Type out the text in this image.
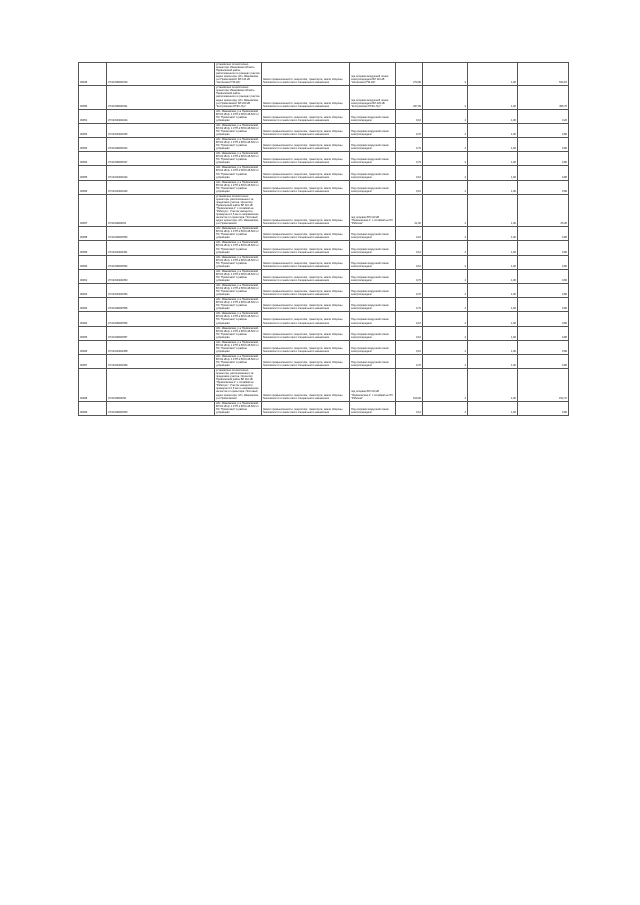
00045	37:10:000000:540	установлено относительно ориентира: Ивановская область Приволжский район, расположенного в границах участка адрес ориентира: обл. Ивановская, р-н Приволжский, ВЛ 110 кВ "Ногинская-ГПЗ-2ф"	Земли промышленности, энергетики, транспорта, земли обороны, безопасности и земли иного специального назначения	под опорами воздушной линии электропередачи ВЛ 110 кВ "Ногинская-ГПЗ-2ф"	270,00	4	1,00	534,15
00050	37:10:000000:541	установлено относительно ориентира: Ивановская область Приволжский район, расположенного в границах участка адрес ориентира: обл. Ивановская, р-н Приволжский, ВЛ 220 кВ "Костромская ГРЭС-Луч"	Земли промышленности, энергетики, транспорта, земли обороны, безопасности и земли иного специального назначения	под опорами воздушной линии электропередачи ВЛ 220 кВ "Костромская ГРЭС-Луч"	297,00	4	1,00	455,76
00051	37:13:031349:344	обл. Ивановская, р-н Приволжский, ВЛ 04 кВ ф. 1 КТП-2 ВЛ-6 кВ 603 от ПС "Приволжск" в районе д.Кривцово	Земли промышленности, энергетики, транспорта, земли обороны, безопасности и земли иного специального назначения	Под опорами воздушной линии электропередачи	0,10	4	1,00	0,20
00052	37:13:031349:345	обл. Ивановская, р-н Приволжский, ВЛ 04 кВ ф. 1 КТП-2 ВЛ-6 кВ 603 от ПС "Приволжск" в районе д.Кривцово	Земли промышленности, энергетики, транспорта, земли обороны, безопасности и земли иного специального назначения	Под опорами воздушной линии электропередачи	0,70	4	1,00	0,80
00053	37:10:000000:544	обл. Ивановская, р-н Приволжский, ВЛ 04 кВ ф. 1 КТП-2 ВЛ-6 кВ 603 от ПС "Приволжск" в районе д.Кривцово	Земли промышленности, энергетики, транспорта, земли обороны, безопасности и земли иного специального назначения	Под опорами воздушной линии электропередачи	0,70	4	1,00	0,80
00054	37:10:000000:547	обл. Ивановская, р-н Приволжский, ВЛ 04 кВ ф. 1 КТП-2 ВЛ-6 кВ 603 от ПС "Приволжск" в районе д.Кривцово	Земли промышленности, энергетики, транспорта, земли обороны, безопасности и земли иного специального назначения	Под опорами воздушной линии электропередачи	0,70	4	1,00	0,80
00055	37:13:031349:342	обл. Ивановская, р-н Приволжский, ВЛ 04 кВ ф. 1 КТП-2 ВЛ-6 кВ 603 от ПС "Приволжск" в районе д.Кривцово	Земли промышленности, энергетики, транспорта, земли обороны, безопасности и земли иного специального назначения	Под опорами воздушной линии электропередачи	0,10	4	1,00	0,80
00056	37:13:031349:343	обл. Ивановская, р-н Приволжский, ВЛ 04 кВ ф. 1 КТП-2 ВЛ-6 кВ 603 от ПС "Приволжск" в районе д.Кривцово	Земли промышленности, энергетики, транспорта, земли обороны, безопасности и земли иного специального назначения	Под опорами воздушной линии электропередачи	0,10	4	1,00	0,80
00057	37:10:000000:52	установлено относительно ориентира, расположенного за пределами участка. Ориентир Приволжский район ВЛ 110 кВ "Приволжская-1" с отпайкой на "Рабочую". Участок находится примерно в 0,5 км по направлению на восток от ориентира. Почтовый адрес ориентира: обл. Ивановская, р-н Приволжский	Земли промышленности, энергетики, транспорта, земли обороны, безопасности и земли иного специального назначения	под опорами ВЛ 110 кВ "Приволжская-1" с отпайкой на ПС "Рабочая"	21,00	4	1,00	25,30
00058	37:10:000000:550	обл. Ивановская, р-н Приволжский, ВЛ 04 кВ ф. 1 КТП-2 ВЛ-6 кВ 603 от ПС "Приволжск" в районе д.Кривцово	Земли промышленности, энергетики, транспорта, земли обороны, безопасности и земли иного специального назначения	Под опорами воздушной линии электропередачи	0,10	4	1,00	0,80
00059	37:13:031349:351	обл. Ивановская, р-н Приволжский, ВЛ 04 кВ ф. 1 КТП-2 ВЛ-6 кВ 603 от ПС "Приволжск" в районе д.Кривцово	Земли промышленности, энергетики, транспорта, земли обороны, безопасности и земли иного специального назначения	Под опорами воздушной линии электропередачи	0,10	4	1,00	0,80
00060	37:10:000000:552	обл. Ивановская, р-н Приволжский, ВЛ 04 кВ ф. 1 КТП-2 ВЛ-6 кВ 603 от ПС "Приволжск" в районе д.Кривцово	Земли промышленности, энергетики, транспорта, земли обороны, безопасности и земли иного специального назначения	Под опорами воздушной линии электропередачи	0,10	4	1,00	0,80
00061	37:13:031349:353	обл. Ивановская, р-н Приволжский, ВЛ 04 кВ ф. 1 КТП-2 ВЛ-6 кВ 603 от ПС "Приволжск" в районе д.Кривцово	Земли промышленности, энергетики, транспорта, земли обороны, безопасности и земли иного специального назначения	Под опорами воздушной линии электропередачи	0,70	4	1,00	0,80
00062	37:13:031349:354	обл. Ивановская, р-н Приволжский, ВЛ 04 кВ ф. 1 КТП-2 ВЛ-6 кВ 603 от ПС "Приволжск" в районе д.Кривцово	Земли промышленности, энергетики, транспорта, земли обороны, безопасности и земли иного специального назначения	Под опорами воздушной линии электропередачи	0,70	4	1,00	0,80
00063	37:10:000000:555	обл. Ивановская, р-н Приволжский, ВЛ 04 кВ ф. 1 КТП-2 ВЛ-6 кВ 603 от ПС "Приволжск" в районе д.Кривцово	Земли промышленности, энергетики, транспорта, земли обороны, безопасности и земли иного специального назначения	Под опорами воздушной линии электропередачи	0,70	4	1,00	0,80
00064	37:10:000000:556	обл. Ивановская, р-н Приволжский, ВЛ 04 кВ ф. 1 КТП-2 ВЛ-6 кВ 603 от ПС "Приволжск" в районе д.Кривцово	Земли промышленности, энергетики, транспорта, земли обороны, безопасности и земли иного специального назначения	Под опорами воздушной линии электропередачи	0,10	4	1,00	0,80
00065	37:10:000000:557	обл. Ивановская, р-н Приволжский, ВЛ 04 кВ ф. 1 КТП-2 ВЛ-6 кВ 603 от ПС "Приволжск" в районе д.Кривцово	Земли промышленности, энергетики, транспорта, земли обороны, безопасности и земли иного специального назначения	Под опорами воздушной линии электропередачи	0,10	4	1,00	0,80
00066	37:13:031349:358	обл. Ивановская, р-н Приволжский, ВЛ 04 кВ ф. 1 КТП-2 ВЛ-6 кВ 603 от ПС "Приволжск" в районе д.Кривцово	Земли промышленности, энергетики, транспорта, земли обороны, безопасности и земли иного специального назначения	Под опорами воздушной линии электропередачи	0,10	4	1,00	0,80
00067	37:13:031349:359	обл. Ивановская, р-н Приволжский, ВЛ 04 кВ ф. 1 КТП-2 ВЛ-6 кВ 603 от ПС "Приволжск" в районе д.Кривцово	Земли промышленности, энергетики, транспорта, земли обороны, безопасности и земли иного специального назначения	Под опорами воздушной линии электропередачи	0,70	4	1,00	0,80
00068	37:10:000000:56	установлено относительно ориентира, расположенного за пределами участка. Ориентир Приволжский район ВЛ 110 кВ "Приволжская-1" с отпайкой на "Рабочую". Участок находится примерно в 0,5 км по направлению на восток от ориентира. Почтовый адрес ориентира: обл. Ивановская, р-н Приволжский	Земли промышленности, энергетики, транспорта, земли обороны, безопасности и земли иного специального назначения	под опорами ВЛ 110 кВ "Приволжская-1" с отпайкой на ПС "Рабочая"	109,00	4	1,00	152,47
00069	37:10:000000:560	обл. Ивановская, р-н Приволжский, ВЛ 04 кВ ф. 1 КТП-2 ВЛ-6 кВ 603 от ПС "Приволжск" в районе д.Кривцово	Земли промышленности, энергетики, транспорта, земли обороны, безопасности и земли иного специального назначения	Под опорами воздушной линии электропередачи	0,10	4	1,00	0,80
